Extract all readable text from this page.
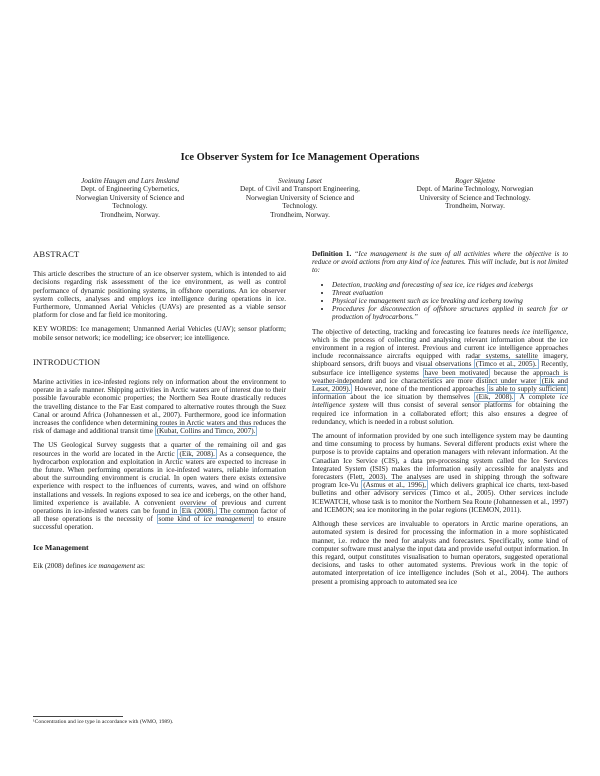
Ice Observer System for Ice Management Operations
Joakim Haugen and Lars Imsland
Dept. of Engineering Cybernetics,
Norwegian University of Science and
Technology.
Trondheim, Norway.
Sveinung Løset
Dept. of Civil and Transport Engineering,
Norwegian University of Science and
Technology.
Trondheim, Norway.
Roger Skjetne
Dept. of Marine Technology, Norwegian
University of Science and Technology.
Trondheim, Norway.
ABSTRACT

This article describes the structure of an ice observer system, which is intended to aid decisions regarding risk assessment of the ice environment, as well as control performance of dynamic positioning systems, in offshore operations. An ice observer system collects, analyses and employs ice intelligence during operations in ice. Furthermore, Unmanned Aerial Vehicles (UAVs) are presented as a viable sensor platform for close and far field ice monitoring.

KEY WORDS: Ice management; Unmanned Aerial Vehicles (UAV); sensor platform; mobile sensor network; ice modelling; ice observer; ice intelligence.

INTRODUCTION

Marine activities in ice-infested regions rely on information about the environment to operate in a safe manner. Shipping activities in Arctic waters are of interest due to their possible favourable economic properties; the Northern Sea Route drastically reduces the travelling distance to the Far East compared to alternative routes through the Suez Canal or around Africa (Johannessen et al., 2007). Furthermore, good ice information increases the confidence when determining routes in Arctic waters and thus reduces the risk of damage and additional transit time (Kubat, Collins and Timco, 2007).

The US Geological Survey suggests that a quarter of the remaining oil and gas resources in the world are located in the Arctic (Eik, 2008). As a consequence, the hydrocarbon exploration and exploitation in Arctic waters are expected to increase in the future. When performing operations in ice-infested waters, reliable information about the surrounding environment is crucial. In open waters there exists extensive experience with respect to the influences of currents, waves, and wind on offshore installations and vessels. In regions exposed to sea ice and icebergs, on the other hand, limited experience is available. A convenient overview of previous and current operations in ice-infested waters can be found in Eik (2008). The common factor of all these operations is the necessity of some kind of ice management to ensure successful operation.

Ice Management

Eik (2008) defines ice management as:

¹Concentration and ice type in accordance with (WMO, 1989).

Definition 1. “Ice management is the sum of all activities where the objective is to reduce or avoid actions from any kind of ice features. This will include, but is not limited to:

• Detection, tracking and forecasting of sea ice, ice ridges and icebergs
• Threat evaluation
• Physical ice management such as ice breaking and iceberg towing
• Procedures for disconnection of offshore structures applied in search for or production of hydrocarbons.”

The objective of detecting, tracking and forecasting ice features needs ice intelligence, which is the process of collecting and analysing relevant information about the ice environment in a region of interest. Previous and current ice intelligence approaches include reconnaissance aircrafts equipped with radar systems, satellite imagery, shipboard sensors, drift buoys and visual observations (Timco et al., 2005). Recently, subsurface ice intelligence systems have been motivated because the approach is weather-independent and ice characteristics are more distinct under water (Eik and Løset, 2009). However, none of the mentioned approaches is able to supply sufficient information about the ice situation by themselves (Eik, 2008). A complete ice intelligence system will thus consist of several sensor platforms for obtaining the required ice information in a collaborated effort; this also ensures a degree of redundancy, which is needed in a robust solution.

The amount of information provided by one such intelligence system may be daunting and time consuming to process by humans. Several different products exist where the purpose is to provide captains and operation managers with relevant information. At the Canadian Ice Service (CIS), a data pre-processing system called the Ice Services Integrated System (ISIS) makes the information easily accessible for analysts and forecasters (Flett, 2003). The analyses are used in shipping through the software program Ice-Vu (Asmus et al., 1996), which delivers graphical ice charts, text-based bulletins and other advisory services (Timco et al., 2005). Other services include ICEWATCH, whose task is to monitor the Northern Sea Route (Johannessen et al., 1997) and ICEMON; sea ice monitoring in the polar regions (ICEMON, 2011).

Although these services are invaluable to operators in Arctic marine operations, an automated system is desired for processing the information in a more sophisticated manner, i.e. reduce the need for analysts and forecasters. Specifically, some kind of computer software must analyse the input data and provide useful output information. In this regard, output constitutes visualisation to human operators, suggested operational decisions, and tasks to other automated systems. Previous work in the topic of automated interpretation of ice intelligence includes (Soh et al., 2004). The authors present a promising approach to automated sea ice
